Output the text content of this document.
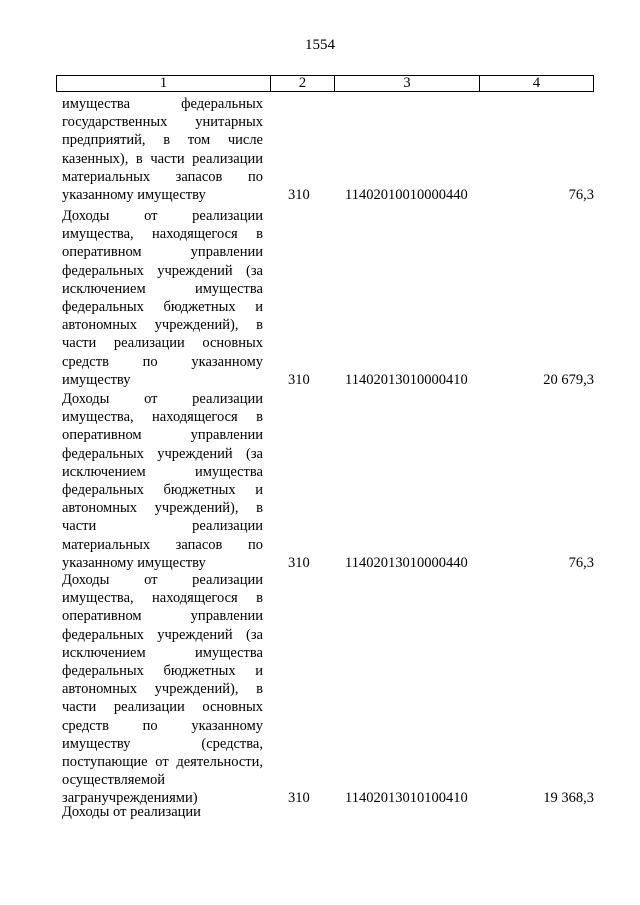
1554
1	2	3	4
имущества федеральных
государственных унитарных
предприятий, в том числе
казенных), в части реализации
материальных запасов по
указанному имуществу	310	11402010010000440	76,3
Доходы от реализации
имущества, находящегося в
оперативном управлении
федеральных учреждений (за
исключением имущества
федеральных бюджетных и
автономных учреждений), в
части реализации основных
средств по указанному
имуществу	310	11402013010000410	20 679,3
Доходы от реализации
имущества, находящегося в
оперативном управлении
федеральных учреждений (за
исключением имущества
федеральных бюджетных и
автономных учреждений), в
части реализации
материальных запасов по
указанному имуществу	310	11402013010000440	76,3
Доходы от реализации
имущества, находящегося в
оперативном управлении
федеральных учреждений (за
исключением имущества
федеральных бюджетных и
автономных учреждений), в
части реализации основных
средств по указанному
имуществу (средства,
поступающие от деятельности,
осуществляемой
загранучреждениями)	310	11402013010100410	19 368,3
Доходы от реализации
